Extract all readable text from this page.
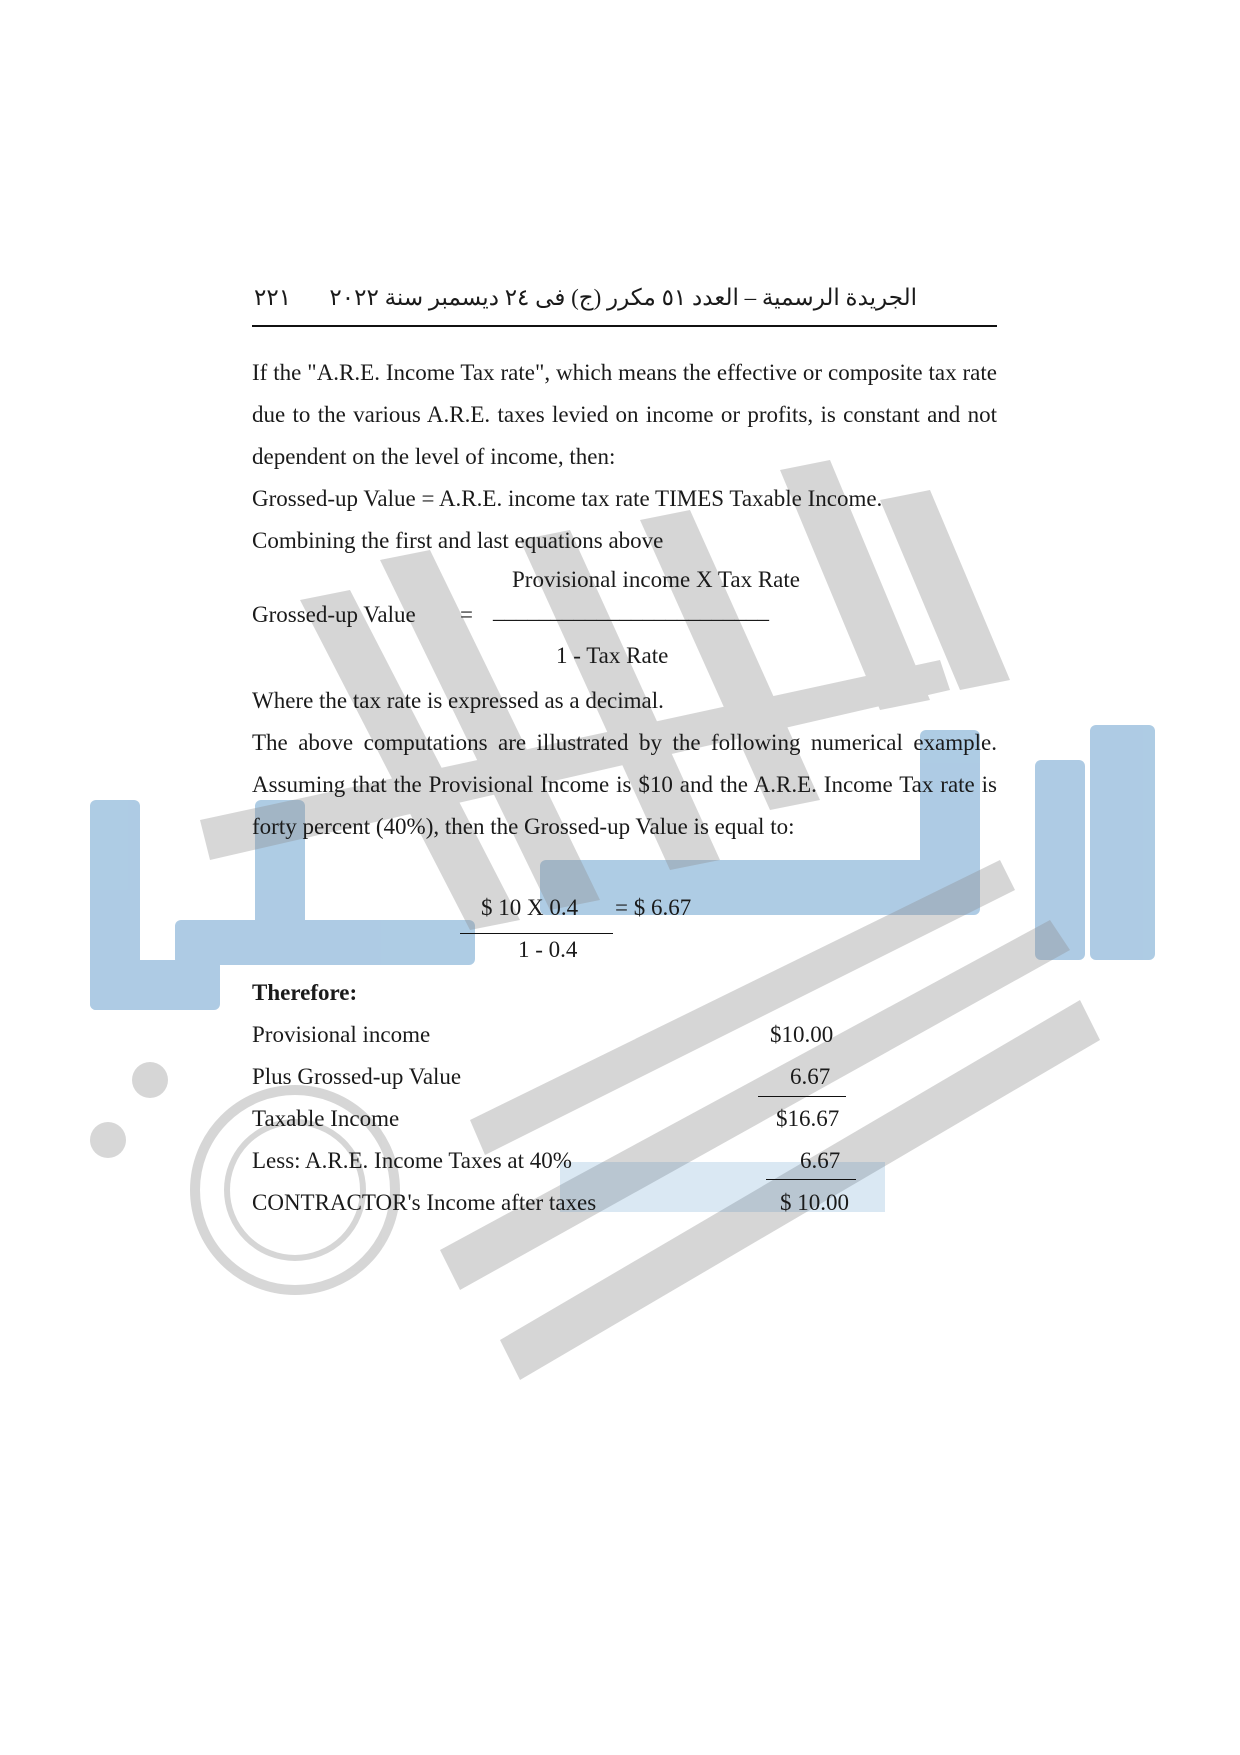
٢٢١ الجريدة الرسمية – العدد ٥١ مكرر (ج) فى ٢٤ ديسمبر سنة ٢٠٢٢

If the "A.R.E. Income Tax rate", which means the effective or composite tax rate due to the various A.R.E. taxes levied on income or profits, is constant and not dependent on the level of income, then:

Grossed-up Value = A.R.E. income tax rate TIMES Taxable Income.

Combining the first and last equations above

Provisional income X Tax Rate
Grossed-up Value = ________________________
1 - Tax Rate

Where the tax rate is expressed as a decimal.

The above computations are illustrated by the following numerical example. Assuming that the Provisional Income is $10 and the A.R.E. Income Tax rate is forty percent (40%), then the Grossed-up Value is equal to:

$ 10 X 0.4 = $ 6.67
1 - 0.4
Therefore:
Provisional income	$10.00
Plus Grossed-up Value	6.67
Taxable Income	$16.67
Less: A.R.E. Income Taxes at 40%	6.67
CONTRACTOR's Income after taxes	$ 10.00
